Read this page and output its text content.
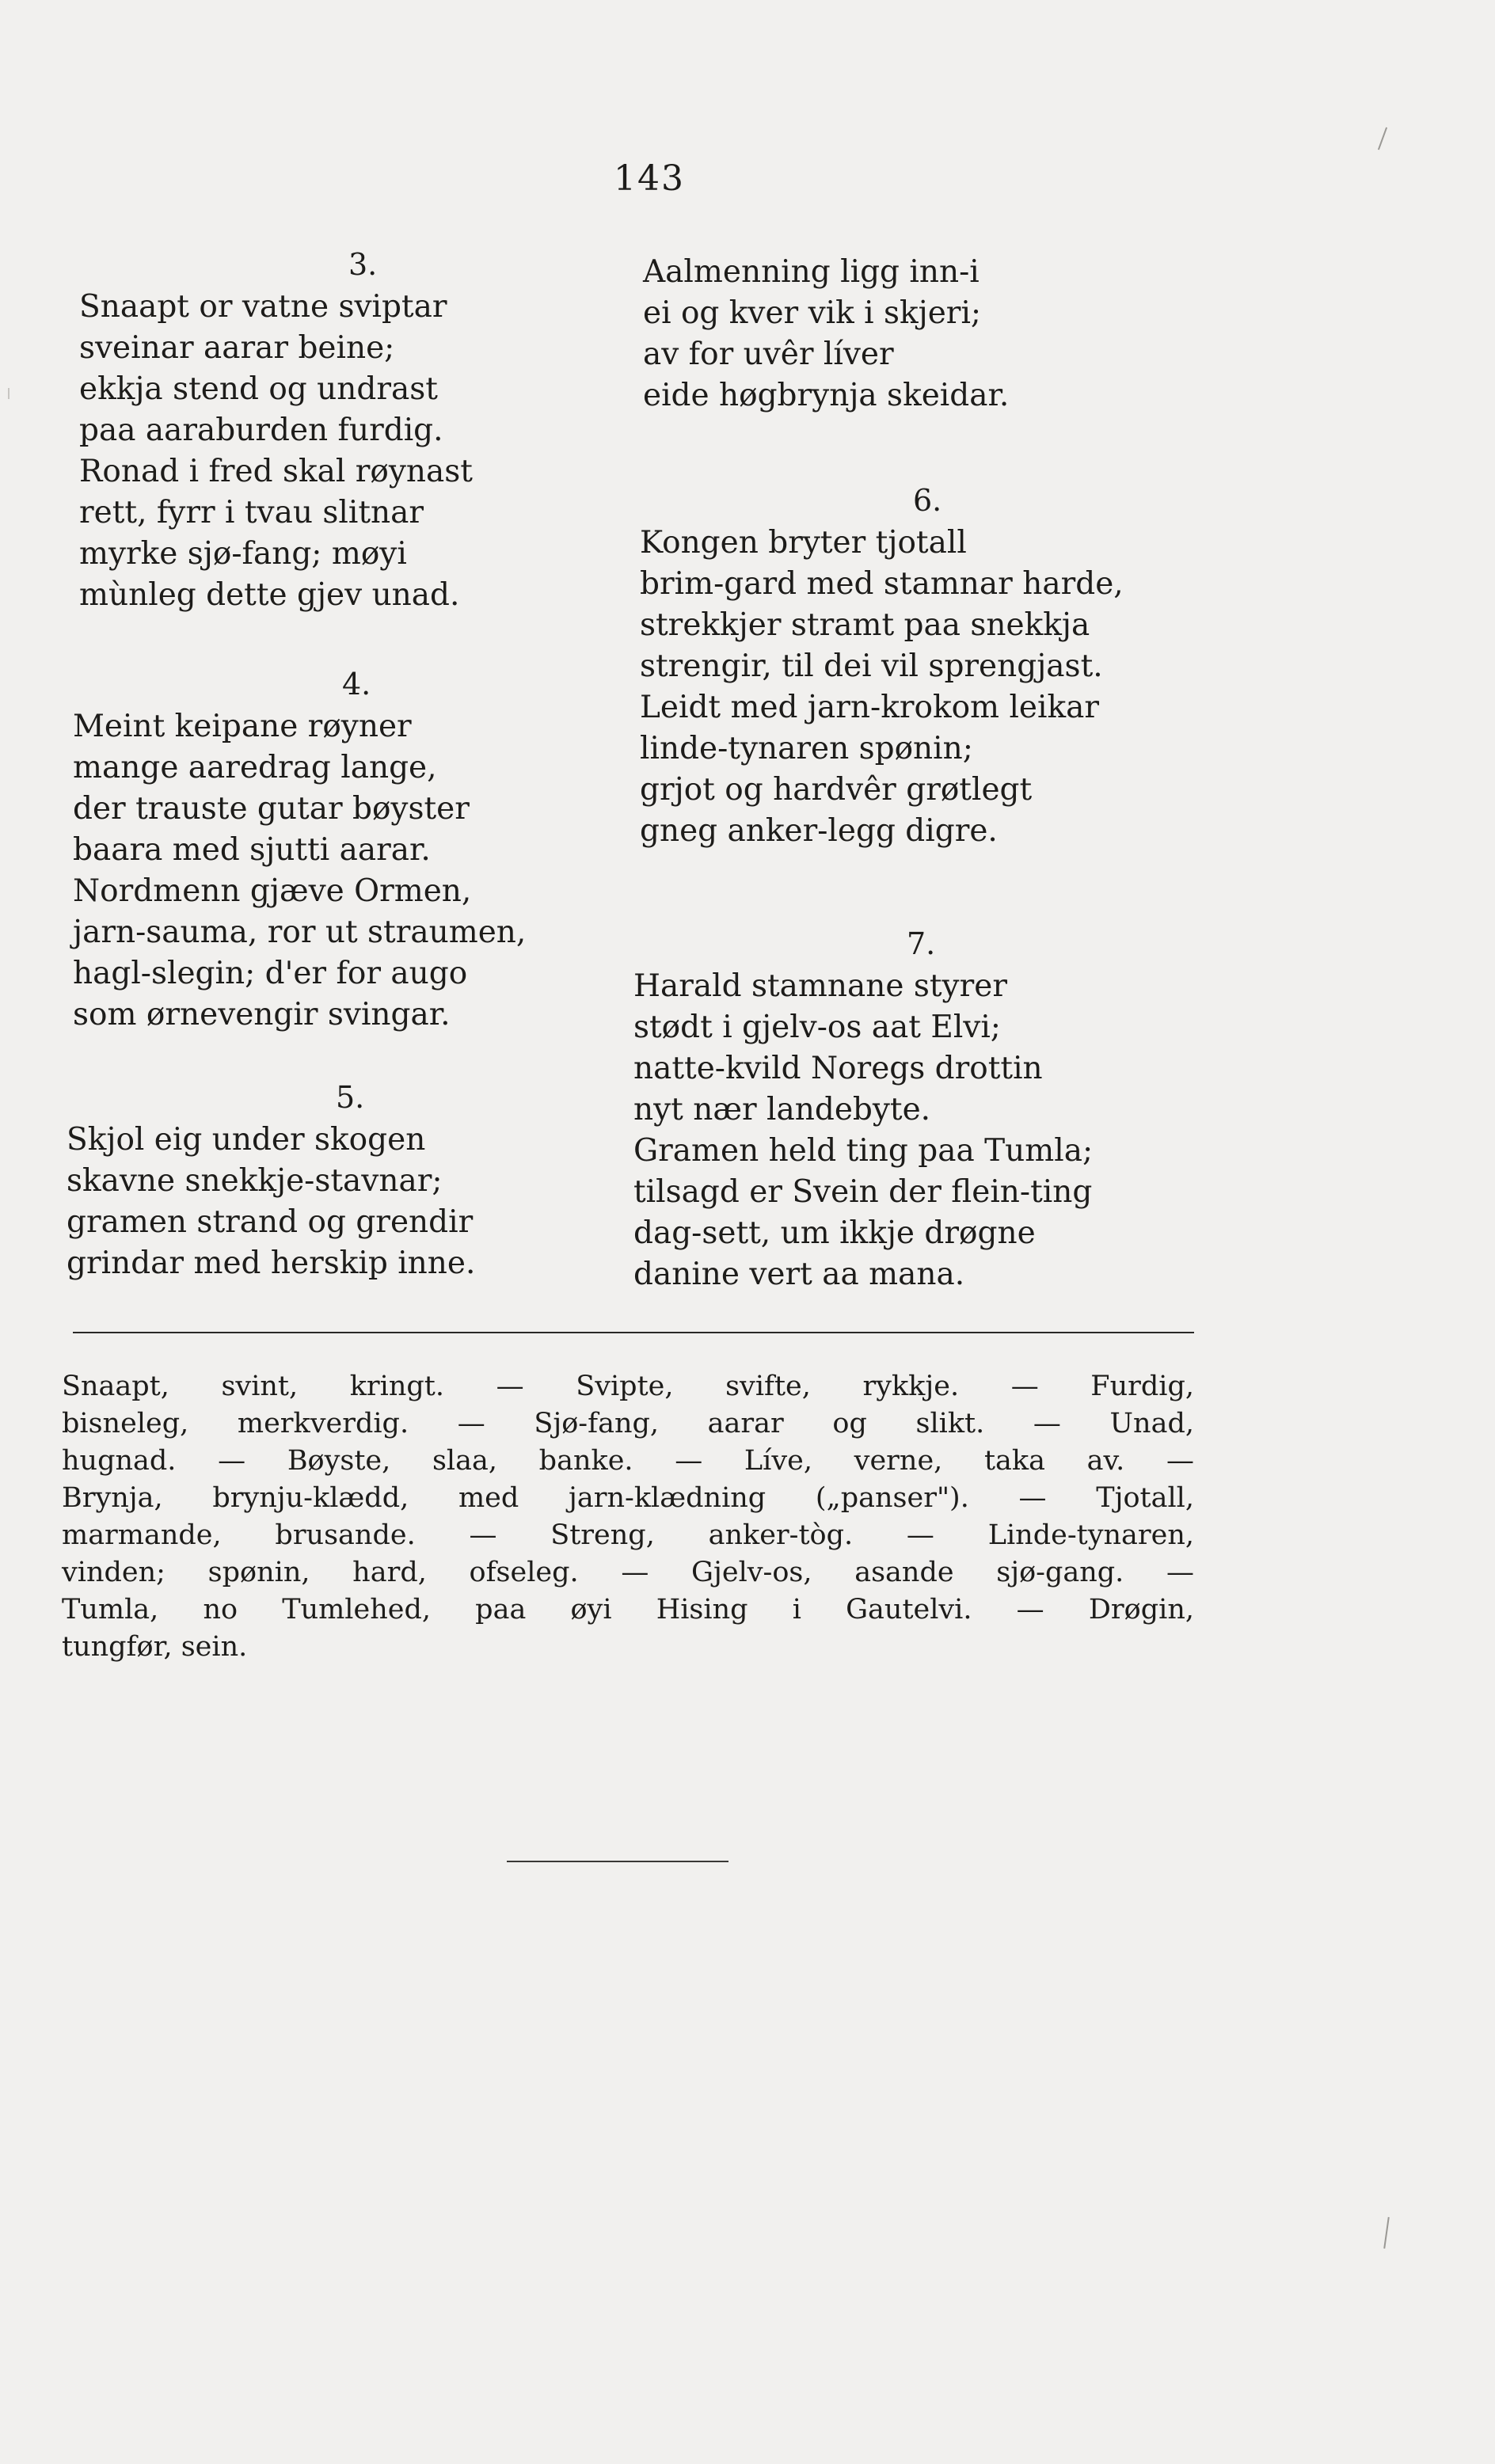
143
3.
Snaapt or vatne sviptar
sveinar aarar beine;
ekkja stend og undrast
paa aaraburden furdig.
Ronad i fred skal røynast
rett, fyrr i tvau slitnar
myrke sjø-fang; møyi
mùnleg dette gjev unad.
4.
Meint keipane røyner
mange aaredrag lange,
der trauste gutar bøyster
baara med sjutti aarar.
Nordmenn gjæve Ormen,
jarn-sauma, ror ut straumen,
hagl-slegin; d'er for augo
som ørnevengir svingar.
5.
Skjol eig under skogen
skavne snekkje-stavnar;
gramen strand og grendir
grindar med herskip inne.
Aalmenning ligg inn-i
ei og kver vik i skjeri;
av for uvêr líver
eide høgbrynja skeidar.
6.
Kongen bryter tjotall
brim-gard med stamnar harde,
strekkjer stramt paa snekkja
strengir, til dei vil sprengjast.
Leidt med jarn-krokom leikar
linde-tynaren spønin;
grjot og hardvêr grøtlegt
gneg anker-legg digre.
7.
Harald stamnane styrer
stødt i gjelv-os aat Elvi;
natte-kvild Noregs drottin
nyt nær landebyte.
Gramen held ting paa Tumla;
tilsagd er Svein der flein-ting
dag-sett, um ikkje drøgne
danine vert aa mana.
Snaapt, svint, kringt. — Svipte, svifte, rykkje. — Furdig,
bisneleg, merkverdig. — Sjø-fang, aarar og slikt. — Unad,
hugnad. — Bøyste, slaa, banke. — Líve, verne, taka av. —
Brynja, brynju-klædd, med jarn-klædning („panser"). — Tjotall,
marmande, brusande. — Streng, anker-tòg. — Linde-tynaren,
vinden; spønin, hard, ofseleg. — Gjelv-os, asande sjø-gang. —
Tumla, no Tumlehed, paa øyi Hising i Gautelvi. — Drøgin,
tungfør, sein.
